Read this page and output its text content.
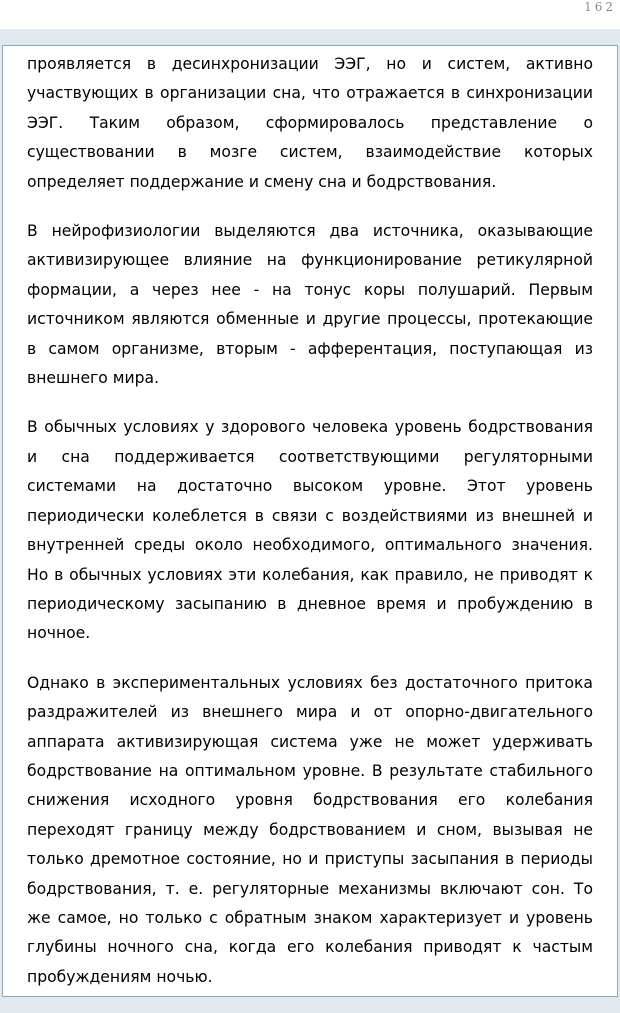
162

проявляется в десинхронизации ЭЭГ, но и систем, активно участвующих в организации сна, что отражается в синхронизации ЭЭГ. Таким образом, сформировалось представление о существовании в мозге систем, взаимодействие которых определяет поддержание и смену сна и бодрствования.

В нейрофизиологии выделяются два источника, оказывающие активизирующее влияние на функционирование ретикулярной формации, а через нее - на тонус коры полушарий. Первым источником являются обменные и другие процессы, протекающие в самом организме, вторым - афферентация, поступающая из внешнего мира.

В обычных условиях у здорового человека уровень бодрствования и сна поддерживается соответствующими регуляторными системами на достаточно высоком уровне. Этот уровень периодически колеблется в связи с воздействиями из внешней и внутренней среды около необходимого, оптимального значения. Но в обычных условиях эти колебания, как правило, не приводят к периодическому засыпанию в дневное время и пробуждению в ночное.

Однако в экспериментальных условиях без достаточного притока раздражителей из внешнего мира и от опорно-двигательного аппарата активизирующая система уже не может удерживать бодрствование на оптимальном уровне. В результате стабильного снижения исходного уровня бодрствования его колебания переходят границу между бодрствованием и сном, вызывая не только дремотное состояние, но и приступы засыпания в периоды бодрствования, т. е. регуляторные механизмы включают сон. То же самое, но только с обратным знаком характеризует и уровень глубины ночного сна, когда его колебания приводят к частым пробуждениям ночью.
